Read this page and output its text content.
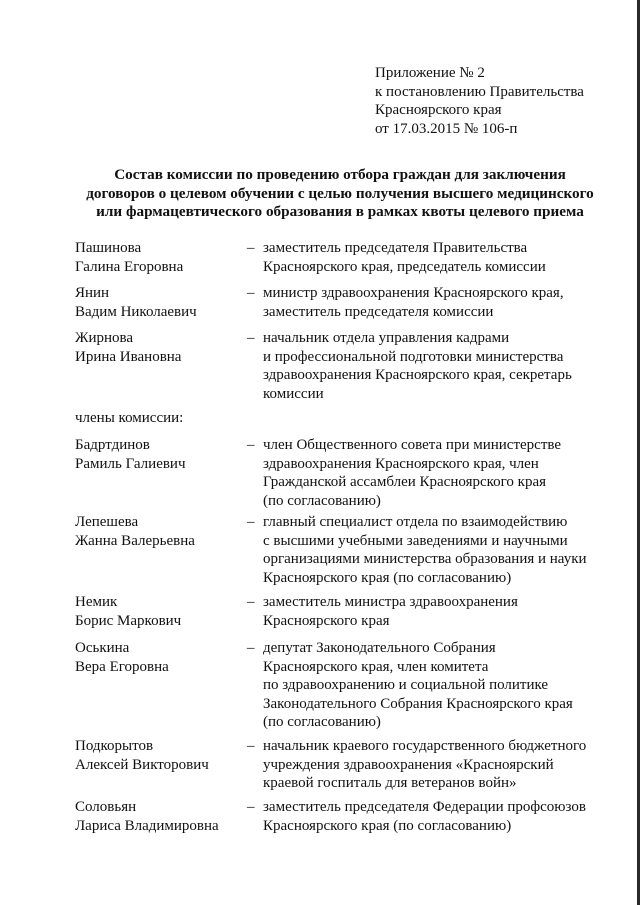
Приложение № 2
к постановлению Правительства
Красноярского края
от 17.03.2015 № 106-п
Состав комиссии по проведению отбора граждан для заключения
договоров о целевом обучении с целью получения высшего медицинского
или фармацевтического образования в рамках квоты целевого приема
Пашинова
Галина Егоровна
– заместитель председателя Правительства
Красноярского края, председатель комиссии
Янин
Вадим Николаевич
– министр здравоохранения Красноярского края,
заместитель председателя комиссии
Жирнова
Ирина Ивановна
– начальник отдела управления кадрами
и профессиональной подготовки министерства
здравоохранения Красноярского края, секретарь
комиссии
члены комиссии:
Бадртдинов
Рамиль Галиевич
– член Общественного совета при министерстве
здравоохранения Красноярского края, член
Гражданской ассамблеи Красноярского края
(по согласованию)
Лепешева
Жанна Валерьевна
– главный специалист отдела по взаимодействию
с высшими учебными заведениями и научными
организациями министерства образования и науки
Красноярского края (по согласованию)
Немик
Борис Маркович
– заместитель министра здравоохранения
Красноярского края
Оськина
Вера Егоровна
– депутат Законодательного Собрания
Красноярского края, член комитета
по здравоохранению и социальной политике
Законодательного Собрания Красноярского края
(по согласованию)
Подкорытов
Алексей Викторович
– начальник краевого государственного бюджетного
учреждения здравоохранения «Красноярский
краевой госпиталь для ветеранов войн»
Соловьян
Лариса Владимировна
– заместитель председателя Федерации профсоюзов
Красноярского края (по согласованию)
